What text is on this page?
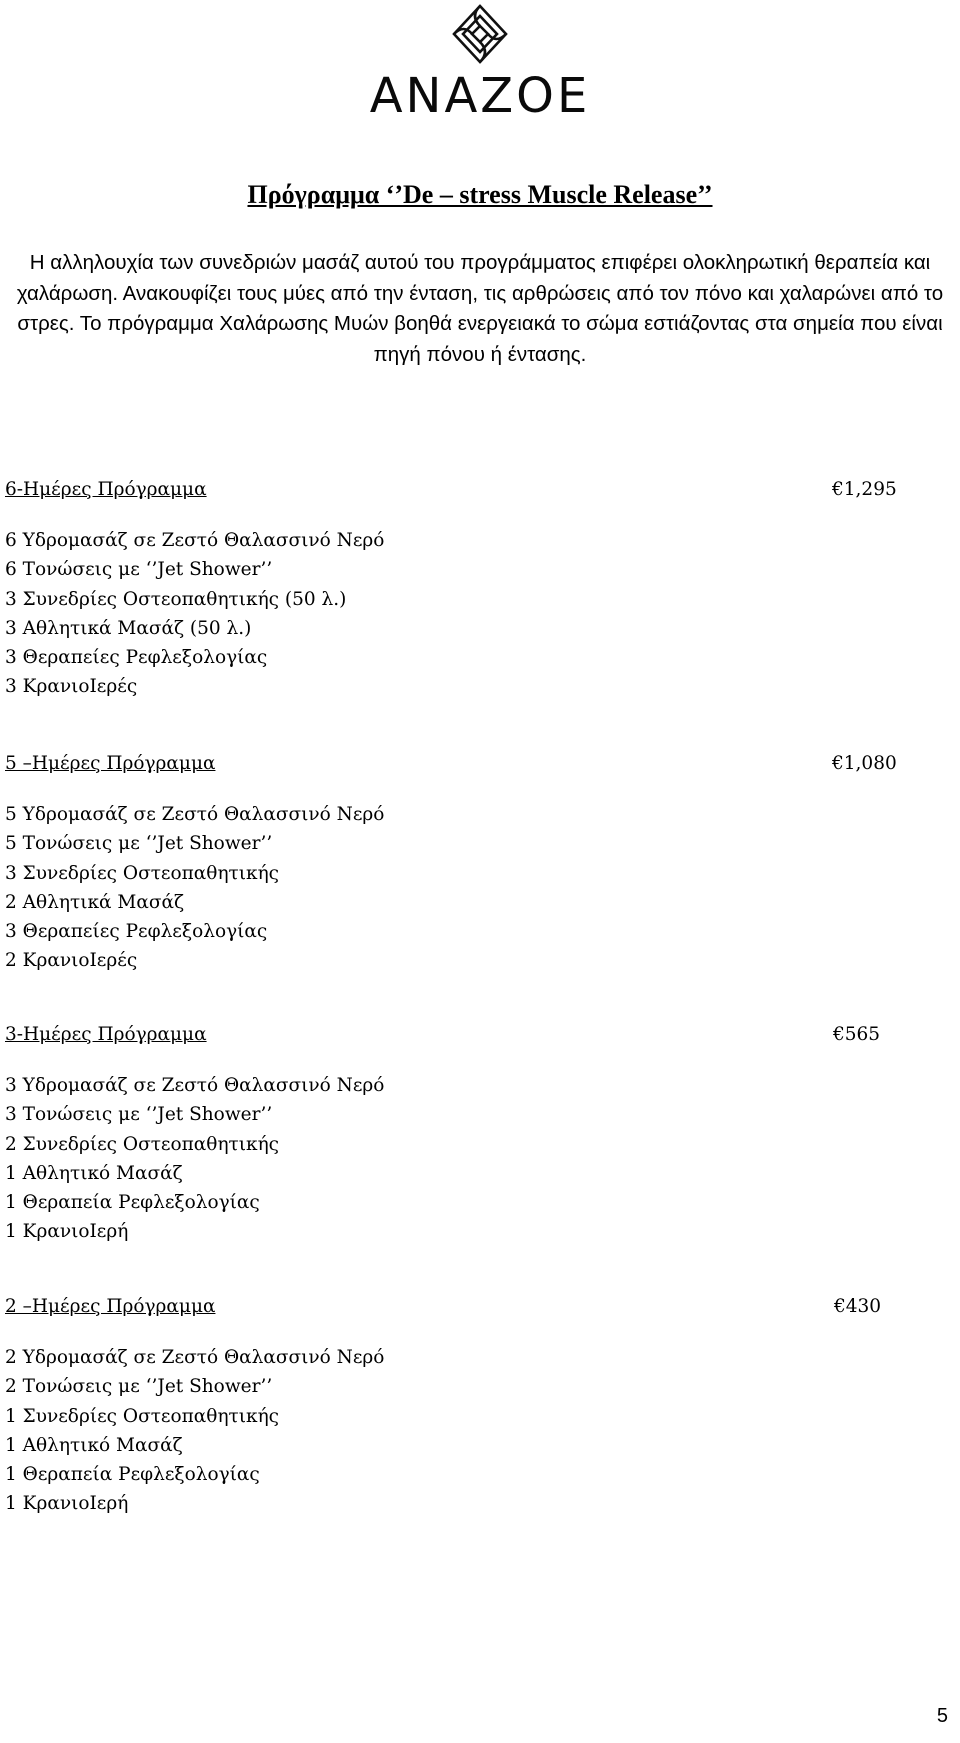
ANAZOE
Πρόγραμμα ‘’De – stress Muscle Release’’
Η αλληλουχία των συνεδριών μασάζ αυτού του προγράμματος επιφέρει ολοκληρωτική θεραπεία και χαλάρωση. Ανακουφίζει τους μύες από την ένταση, τις αρθρώσεις από τον πόνο και χαλαρώνει από το στρες. Το πρόγραμμα Χαλάρωσης Μυών βοηθά ενεργειακά το σώμα εστιάζοντας στα σημεία που είναι πηγή πόνου ή έντασης.
6-Ημέρες Πρόγραμμα	€1,295
6 Υδρομασάζ σε Ζεστό Θαλασσινό Νερό
6 Τονώσεις με ‘’Jet Shower’’
3 Συνεδρίες Οστεοπαθητικής (50 λ.)
3 Αθλητικά Μασάζ (50 λ.)
3 Θεραπείες Ρεφλεξολογίας
3 ΚρανιοΙερές
5 –Ημέρες Πρόγραμμα	€1,080
5 Υδρομασάζ σε Ζεστό Θαλασσινό Νερό
5 Τονώσεις με ‘’Jet Shower’’
3 Συνεδρίες Οστεοπαθητικής
2 Αθλητικά Μασάζ
3 Θεραπείες Ρεφλεξολογίας
2 ΚρανιοΙερές
3-Ημέρες Πρόγραμμα	€565
3 Υδρομασάζ σε Ζεστό Θαλασσινό Νερό
3 Τονώσεις με ‘’Jet Shower’’
2 Συνεδρίες Οστεοπαθητικής
1 Αθλητικό Μασάζ
1 Θεραπεία Ρεφλεξολογίας
1 ΚρανιοΙερή
2 –Ημέρες Πρόγραμμα	€430
2 Υδρομασάζ σε Ζεστό Θαλασσινό Νερό
2 Τονώσεις με ‘’Jet Shower’’
1 Συνεδρίες Οστεοπαθητικής
1 Αθλητικό Μασάζ
1 Θεραπεία Ρεφλεξολογίας
1 ΚρανιοΙερή
5
